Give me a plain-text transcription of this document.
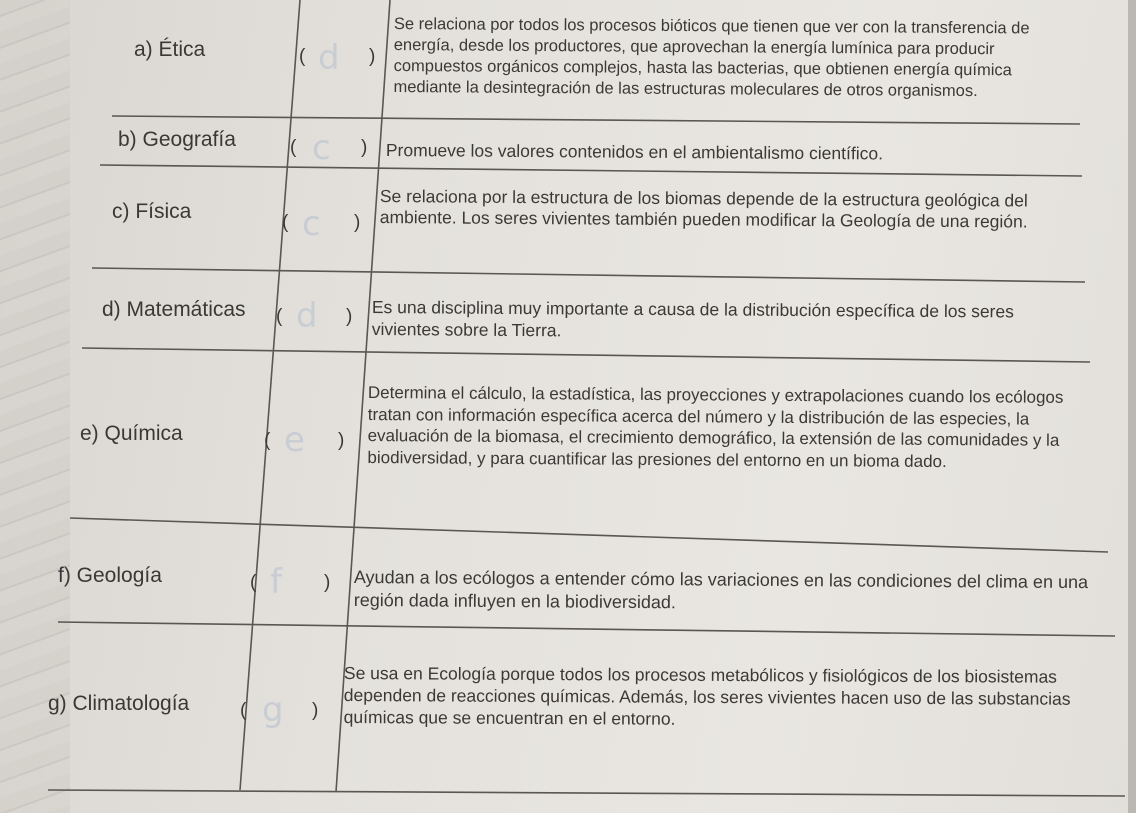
a) Ética	( d )
Se relaciona por todos los procesos bióticos que tienen que ver con la transferencia de energía, desde los productores, que aprovechan la energía lumínica para producir compuestos orgánicos complejos, hasta las bacterias, que obtienen energía química mediante la desintegración de las estructuras moleculares de otros organismos.
b) Geografía	( c ) Promueve los valores contenidos en el ambientalismo científico.
c) Física	( c )
Se relaciona por la estructura de los biomas depende de la estructura geológica del ambiente. Los seres vivientes también pueden modificar la Geología de una región.
d) Matemáticas ( d ) Es una disciplina muy importante a causa de la distribución específica de los seres vivientes sobre la Tierra.
e) Química	( e )
Determina el cálculo, la estadística, las proyecciones y extrapolaciones cuando los ecólogos tratan con información específica acerca del número y la distribución de las especies, la evaluación de la biomasa, el crecimiento demográfico, la extensión de las comunidades y la biodiversidad, y para cuantificar las presiones del entorno en un bioma dado.
f) Geología	( f ) Ayudan a los ecólogos a entender cómo las variaciones en las condiciones del clima en una región dada influyen en la biodiversidad.
g) Climatología	( g )
Se usa en Ecología porque todos los procesos metabólicos y fisiológicos de los biosistemas dependen de reacciones químicas. Además, los seres vivientes hacen uso de las substancias químicas que se encuentran en el entorno.
